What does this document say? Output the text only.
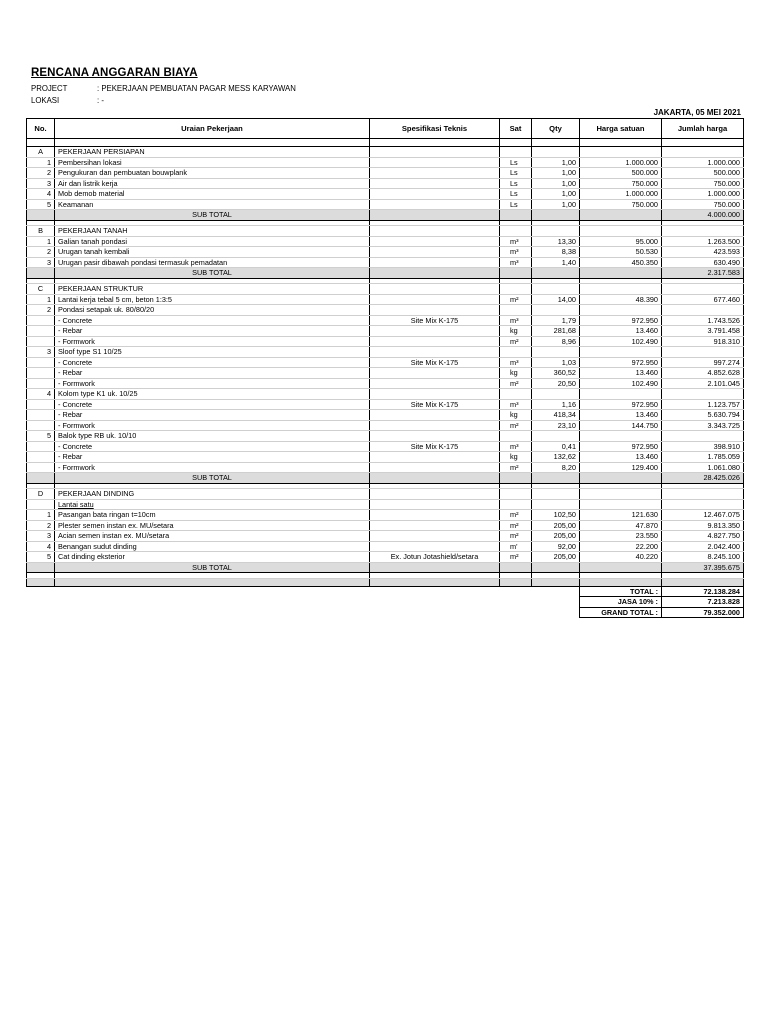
RENCANA ANGGARAN BIAYA
PROJECT	: PEKERJAAN PEMBUATAN PAGAR MESS KARYAWAN
LOKASI	: -
JAKARTA, 05 MEI 2021
No.	Uraian Pekerjaan	Spesifikasi Teknis	Sat	Qty	Harga satuan	Jumlah harga

A	PEKERJAAN PERSIAPAN					
1	Pembersihan lokasi		Ls	1,00	1.000.000	1.000.000
2	Pengukuran dan pembuatan bouwplank		Ls	1,00	500.000	500.000
3	Air dan listrik kerja		Ls	1,00	750.000	750.000
4	Mob demob material		Ls	1,00	1.000.000	1.000.000
5	Keamanan		Ls	1,00	750.000	750.000
	SUB TOTAL					4.000.000

B	PEKERJAAN TANAH					
1	Galian tanah pondasi		m³	13,30	95.000	1.263.500
2	Urugan tanah kembali		m³	8,38	50.530	423.593
3	Urugan pasir dibawah pondasi termasuk pemadatan		m³	1,40	450.350	630.490
	SUB TOTAL					2.317.583

C	PEKERJAAN STRUKTUR					
1	Lantai kerja tebal 5 cm, beton 1:3:5		m²	14,00	48.390	677.460
2	Pondasi setapak uk. 80/80/20					
	- Concrete	Site Mix K-175	m³	1,79	972.950	1.743.526
	- Rebar		kg	281,68	13.460	3.791.458
	- Formwork		m²	8,96	102.490	918.310
3	Sloof type S1 10/25					
	- Concrete	Site Mix K-175	m³	1,03	972.950	997.274
	- Rebar		kg	360,52	13.460	4.852.628
	- Formwork		m²	20,50	102.490	2.101.045
4	Kolom type K1 uk. 10/25					
	- Concrete	Site Mix K-175	m³	1,16	972.950	1.123.757
	- Rebar		kg	418,34	13.460	5.630.794
	- Formwork		m²	23,10	144.750	3.343.725
5	Balok type RB uk. 10/10					
	- Concrete	Site Mix K-175	m³	0,41	972.950	398.910
	- Rebar		kg	132,62	13.460	1.785.059
	- Formwork		m²	8,20	129.400	1.061.080
	SUB TOTAL					28.425.026

D	PEKERJAAN DINDING					
	Lantai satu					
1	Pasangan bata ringan t=10cm		m²	102,50	121.630	12.467.075
2	Plester semen instan ex. MU/setara		m²	205,00	47.870	9.813.350
3	Acian semen instan ex. MU/setara		m²	205,00	23.550	4.827.750
4	Benangan sudut dinding		m'	92,00	22.200	2.042.400
5	Cat dinding eksterior	Ex. Jotun Jotashield/setara	m²	205,00	40.220	8.245.100
	SUB TOTAL					37.395.675

					TOTAL :	72.138.284
					JASA 10% :	7.213.828
					GRAND TOTAL :	79.352.000
